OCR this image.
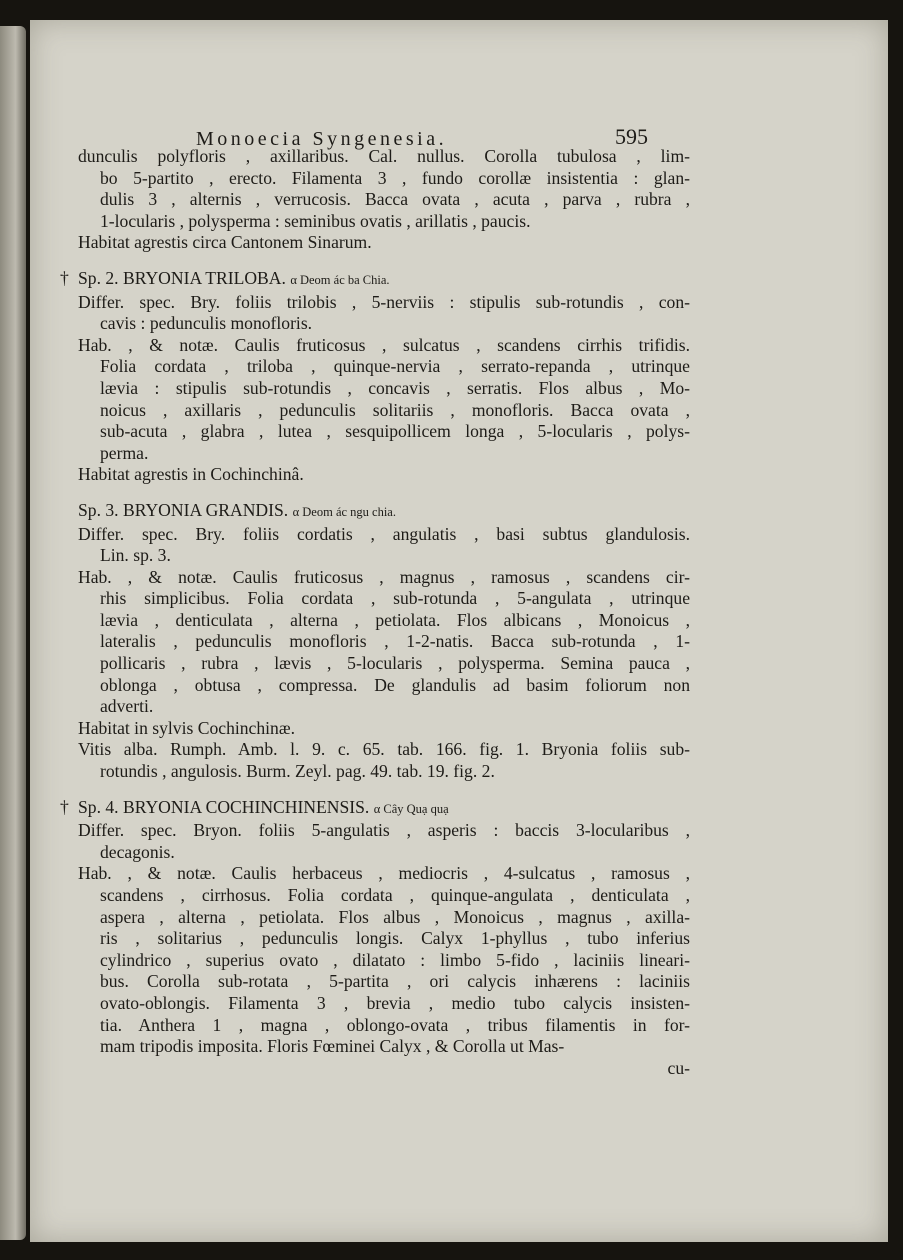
Monoecia Syngenesia.	595
dunculis polyfloris , axillaribus. Cal. nullus. Corolla tubulosa , lim-
bo 5-partito , erecto. Filamenta 3 , fundo corollæ insistentia : glan-
dulis 3 , alternis , verrucosis. Bacca ovata , acuta , parva , rubra ,
1-locularis , polysperma : seminibus ovatis , arillatis , paucis.
Habitat agrestis circa Cantonem Sinarum.
† Sp. 2. BRYONIA TRILOBA. α Deom ác ba Chia.
Differ. spec. Bry. foliis trilobis , 5-nerviis : stipulis sub-rotundis , con-
cavis : pedunculis monofloris.
Hab. , & notæ. Caulis fruticosus , sulcatus , scandens cirrhis trifidis.
Folia cordata , triloba , quinque-nervia , serrato-repanda , utrinque
lævia : stipulis sub-rotundis , concavis , serratis. Flos albus , Mo-
noicus , axillaris , pedunculis solitariis , monofloris. Bacca ovata ,
sub-acuta , glabra , lutea , sesquipollicem longa , 5-locularis , polys-
perma.
Habitat agrestis in Cochinchinâ.
Sp. 3. BRYONIA GRANDIS. α Deom ác ngu chia.
Differ. spec. Bry. foliis cordatis , angulatis , basi subtus glandulosis.
Lin. sp. 3.
Hab. , & notæ. Caulis fruticosus , magnus , ramosus , scandens cir-
rhis simplicibus. Folia cordata , sub-rotunda , 5-angulata , utrinque
lævia , denticulata , alterna , petiolata. Flos albicans , Monoicus ,
lateralis , pedunculis monofloris , 1-2-natis. Bacca sub-rotunda , 1-
pollicaris , rubra , lævis , 5-locularis , polysperma. Semina pauca ,
oblonga , obtusa , compressa. De glandulis ad basim foliorum non
adverti.
Habitat in sylvis Cochinchinæ.
Vitis alba. Rumph. Amb. l. 9. c. 65. tab. 166. fig. 1. Bryonia foliis sub-
rotundis , angulosis. Burm. Zeyl. pag. 49. tab. 19. fig. 2.
† Sp. 4. BRYONIA COCHINCHINENSIS. α Cây Quạ quạ
Differ. spec. Bryon. foliis 5-angulatis , asperis : baccis 3-locularibus ,
decagonis.
Hab. , & notæ. Caulis herbaceus , mediocris , 4-sulcatus , ramosus ,
scandens , cirrhosus. Folia cordata , quinque-angulata , denticulata ,
aspera , alterna , petiolata. Flos albus , Monoicus , magnus , axilla-
ris , solitarius , pedunculis longis. Calyx 1-phyllus , tubo inferius
cylindrico , superius ovato , dilatato : limbo 5-fido , laciniis lineari-
bus. Corolla sub-rotata , 5-partita , ori calycis inhærens : laciniis
ovato-oblongis. Filamenta 3 , brevia , medio tubo calycis insisten-
tia. Anthera 1 , magna , oblongo-ovata , tribus filamentis in for-
mam tripodis imposita. Floris Fœminei Calyx , & Corolla ut Mas-
cu-
